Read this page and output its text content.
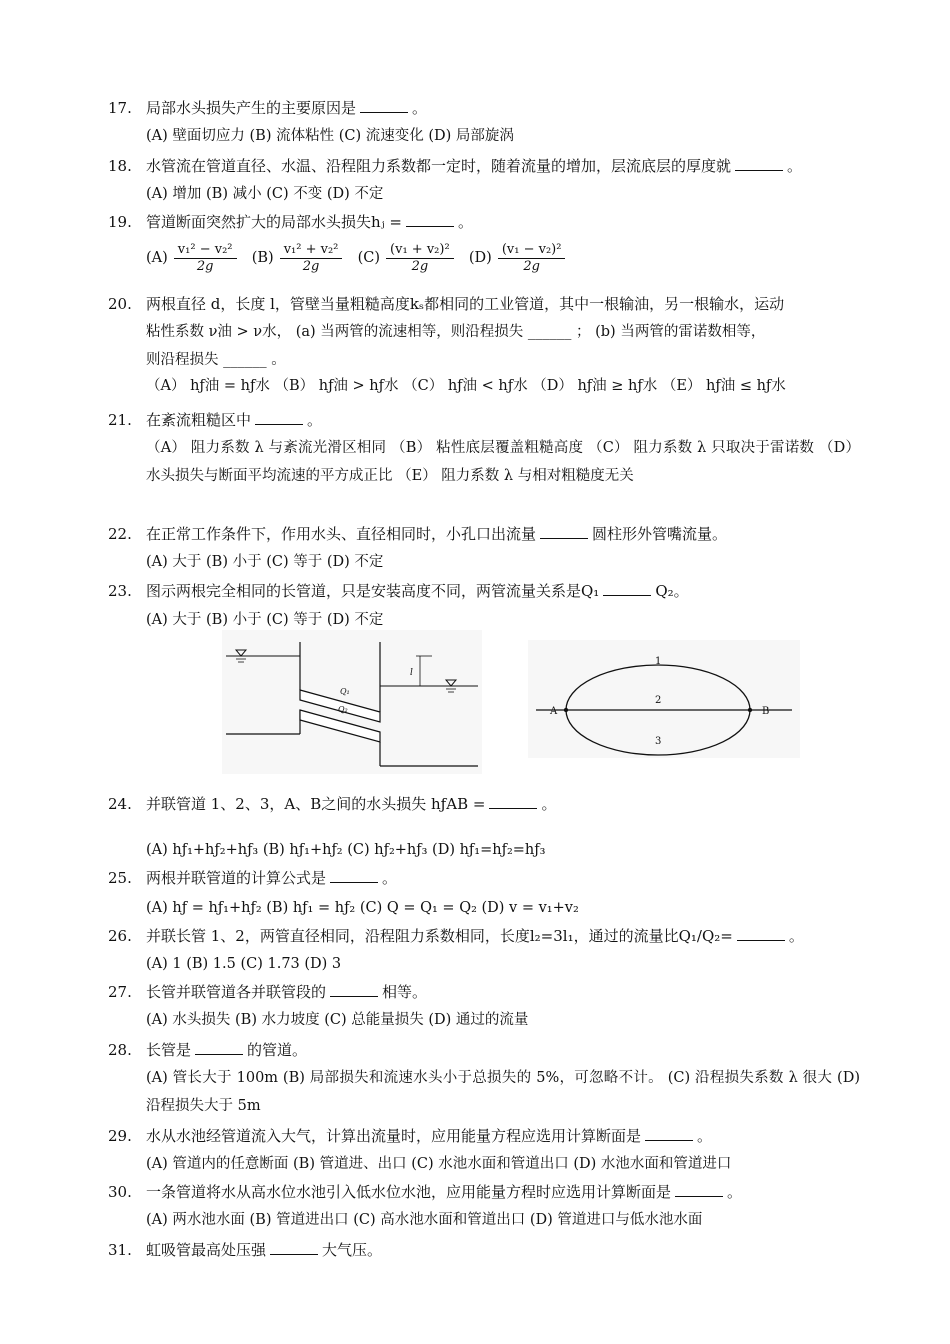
17. 局部水头损失产生的主要原因是	。
(A) 壁面切应力 (B) 流体粘性 (C) 流速变化 (D) 局部旋涡
18. 水管流在管道直径、水温、沿程阻力系数都一定时，随着流量的增加，层流底层的厚度就	。
(A) 增加 (B) 减小 (C) 不变 (D) 不定
19. 管道断面突然扩大的局部水头损失hⱼ =	。
$(A) \frac{\text{v₁² − v₂²}}{2g} (B) \frac{\text{v₁² + v₂²}}{2g} (C) \frac{\text{(v₁ + v₂)²}}{2g} (D) \frac{\text{(v₁ − v₂)²}}{2g}$
20. 两根直径 d，长度 l，管壁当量粗糙高度kₛ都相同的工业管道，其中一根输油，另一根输水，运动
粘性系数 ν油 > ν水， (a) 当两管的流速相等，则沿程损失 ______ ； (b) 当两管的雷诺数相等，
则沿程损失 ______ 。
（A） hƒ油 = hƒ水 （B） hƒ油 > hƒ水 （C） hƒ油 < hƒ水 （D） hƒ油 ≥ hƒ水 （E） hƒ油 ≤ hƒ水
21. 在紊流粗糙区中	。
（A） 阻力系数 λ 与紊流光滑区相同 （B） 粘性底层覆盖粗糙高度 （C） 阻力系数 λ 只取决于雷诺数 （D） 水头损失与断面平均流速的平方成正比 （E） 阻力系数 λ 与相对粗糙度无关
22. 在正常工作条件下，作用水头、直径相同时，小孔口出流量	圆柱形外管嘴流量。
(A) 大于 (B) 小于 (C) 等于 (D) 不定
23. 图示两根完全相同的长管道，只是安装高度不同，两管流量关系是Q₁	Q₂。
(A) 大于 (B) 小于 (C) 等于 (D) 不定
Q₁
Q₂
l
A	B
1
2
3
24. 并联管道 1、2、3，A、B之间的水头损失 hƒAB =	。
(A) hƒ₁+hƒ₂+hƒ₃ (B) hƒ₁+hƒ₂ (C) hƒ₂+hƒ₃ (D) hƒ₁=hƒ₂=hƒ₃
25. 两根并联管道的计算公式是	。
(A) hƒ = hƒ₁+hƒ₂ (B) hƒ₁ = hƒ₂ (C) Q = Q₁ = Q₂ (D) v = v₁+v₂
26. 并联长管 1、2，两管直径相同，沿程阻力系数相同，长度l₂=3l₁，通过的流量比Q₁/Q₂=	。
(A) 1 (B) 1.5 (C) 1.73 (D) 3
27. 长管并联管道各并联管段的	相等。
(A) 水头损失 (B) 水力坡度 (C) 总能量损失 (D) 通过的流量
28. 长管是	的管道。
(A) 管长大于 100m (B) 局部损失和流速水头小于总损失的 5%，可忽略不计。 (C) 沿程损失系数 λ 很大 (D) 沿程损失大于 5m
29. 水从水池经管道流入大气，计算出流量时，应用能量方程应选用计算断面是	。
(A) 管道内的任意断面 (B) 管道进、出口 (C) 水池水面和管道出口 (D) 水池水面和管道进口
30. 一条管道将水从高水位水池引入低水位水池，应用能量方程时应选用计算断面是	。
(A) 两水池水面 (B) 管道进出口 (C) 高水池水面和管道出口 (D) 管道进口与低水池水面
31. 虹吸管最高处压强	大气压。
